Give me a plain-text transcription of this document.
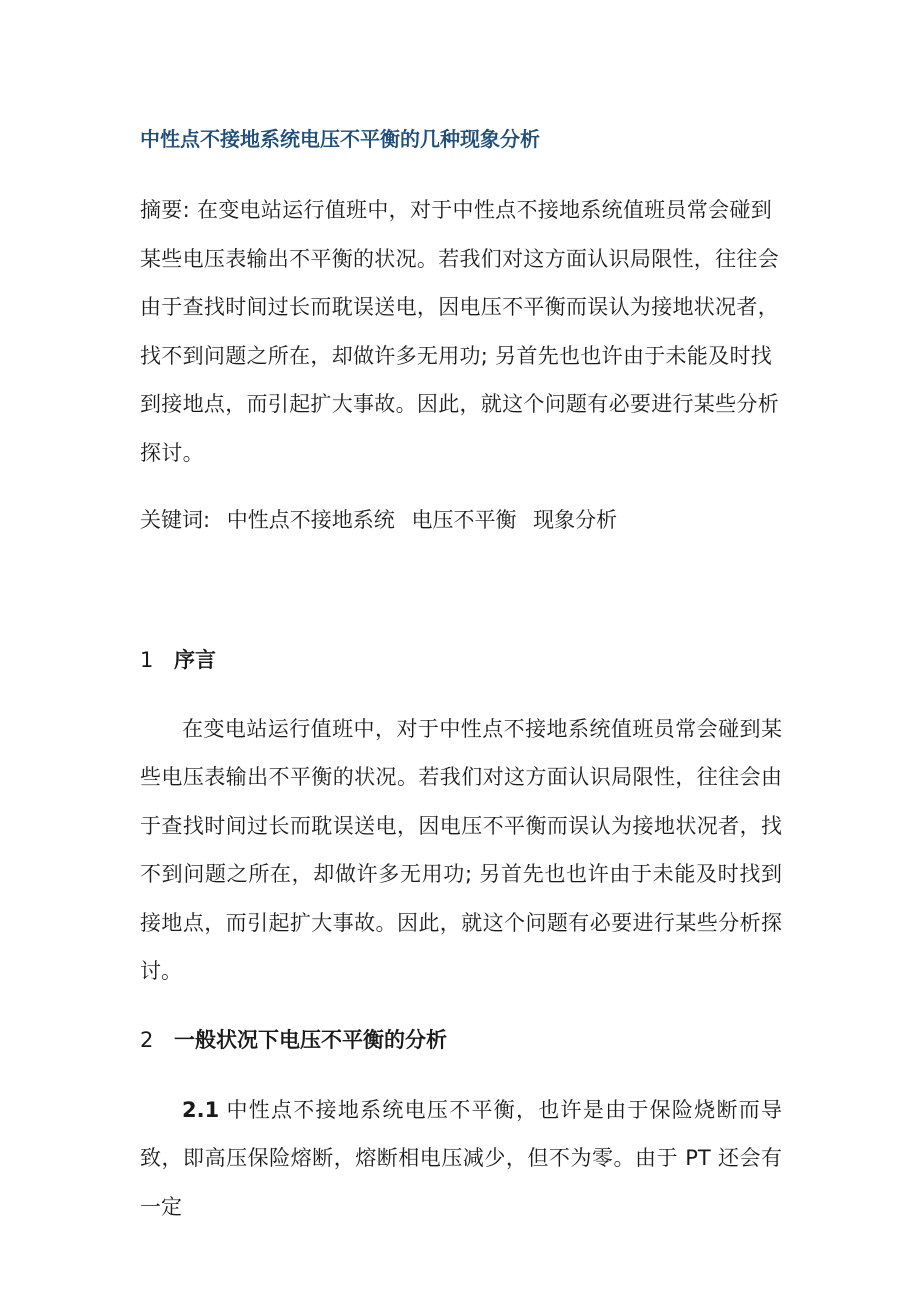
中性点不接地系统电压不平衡的几种现象分析

摘要: 在变电站运行值班中，对于中性点不接地系统值班员常会碰到某些电压表输出不平衡的状况。若我们对这方面认识局限性，往往会由于查找时间过长而耽误送电，因电压不平衡而误认为接地状况者，找不到问题之所在，却做许多无用功; 另首先也也许由于未能及时找到接地点，而引起扩大事故。因此，就这个问题有必要进行某些分析探讨。

关键词: 中性点不接地系统 电压不平衡 现象分析

1 序言

在变电站运行值班中，对于中性点不接地系统值班员常会碰到某些电压表输出不平衡的状况。若我们对这方面认识局限性，往往会由于查找时间过长而耽误送电，因电压不平衡而误认为接地状况者，找不到问题之所在，却做许多无用功; 另首先也也许由于未能及时找到接地点，而引起扩大事故。因此，就这个问题有必要进行某些分析探讨。

2 一般状况下电压不平衡的分析

2.1 中性点不接地系统电压不平衡，也许是由于保险烧断而导致，即高压保险熔断，熔断相电压减少，但不为零。由于 PT 还会有一定
